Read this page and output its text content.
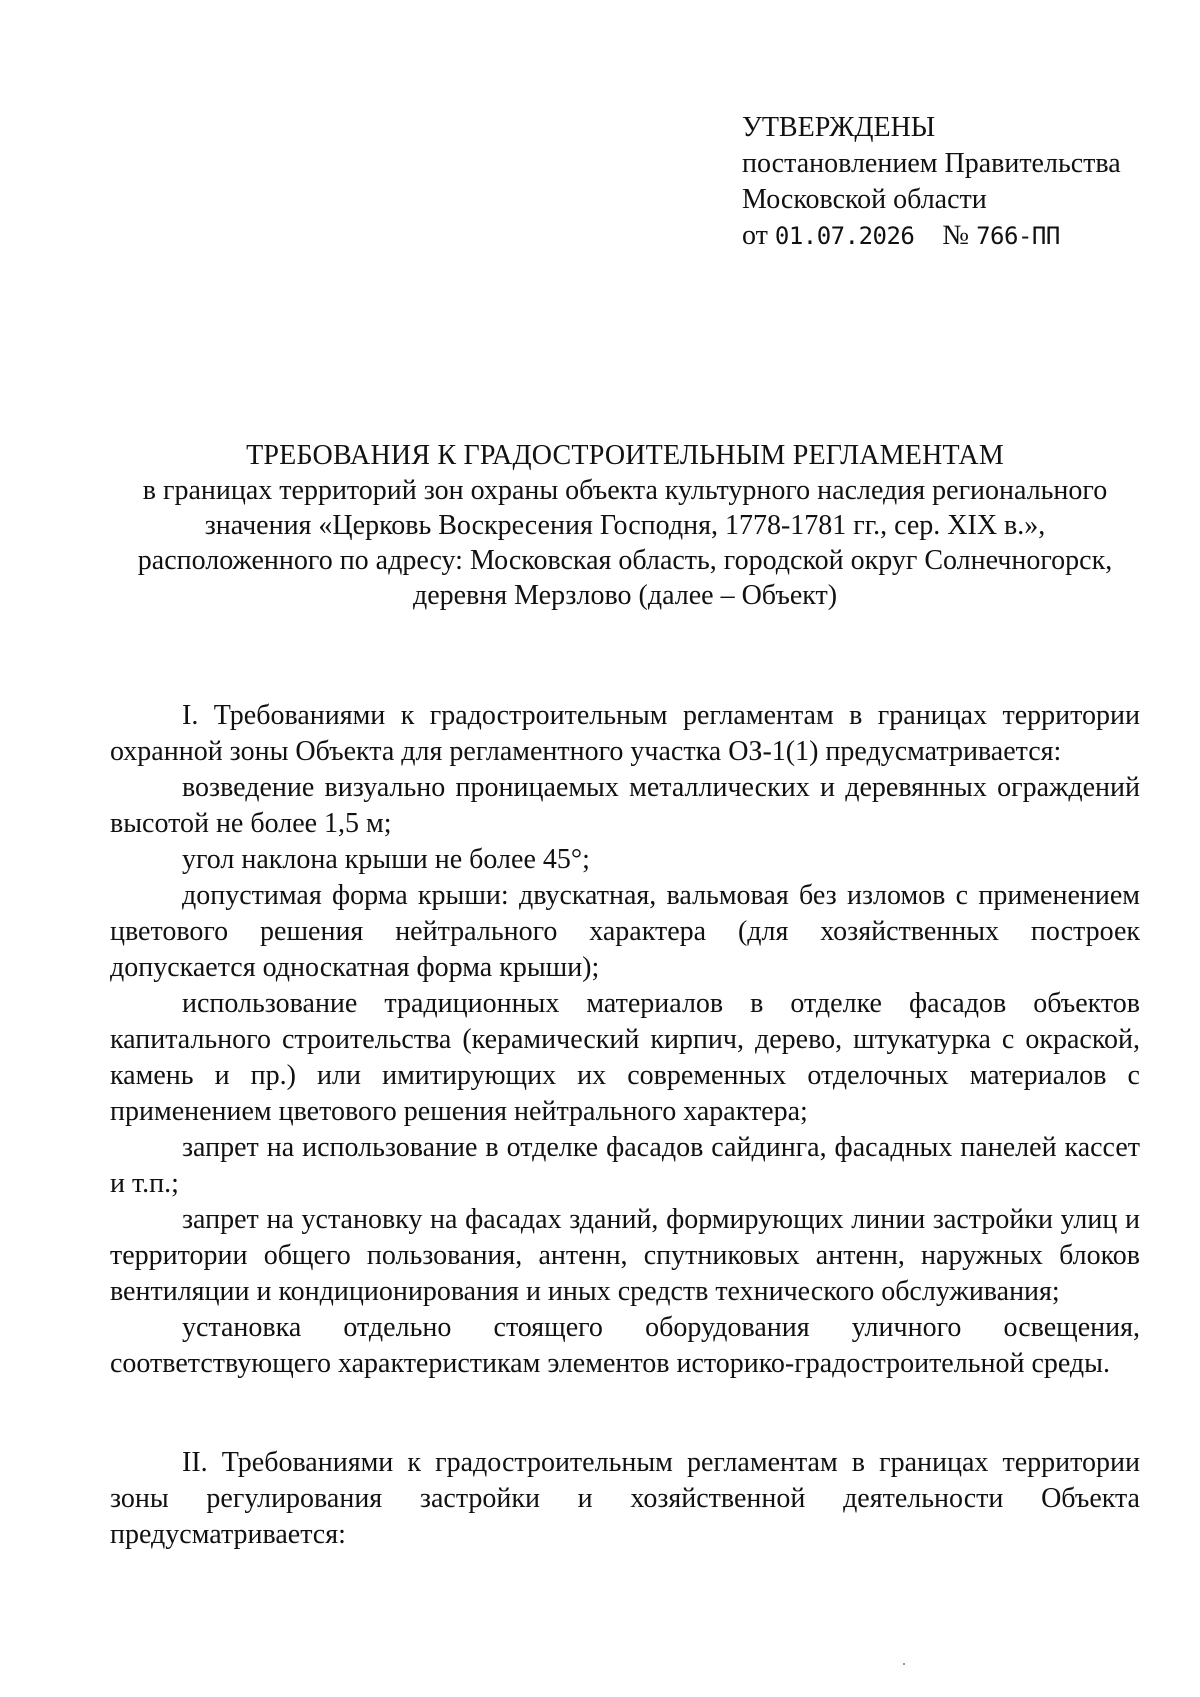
УТВЕРЖДЕНЫ
постановлением Правительства
Московской области
от 01.07.2026 № 766-ПП
ТРЕБОВАНИЯ К ГРАДОСТРОИТЕЛЬНЫМ РЕГЛАМЕНТАМ
в границах территорий зон охраны объекта культурного наследия регионального
значения «Церковь Воскресения Господня, 1778-1781 гг., сер. XIX в.»,
расположенного по адресу: Московская область, городской округ Солнечногорск,
деревня Мерзлово (далее – Объект)

I. Требованиями к градостроительным регламентам в границах территории охранной зоны Объекта для регламентного участка ОЗ-1(1) предусматривается:

возведение визуально проницаемых металлических и деревянных ограждений высотой не более 1,5 м;

угол наклона крыши не более 45°;

допустимая форма крыши: двускатная, вальмовая без изломов с применением цветового решения нейтрального характера (для хозяйственных построек допускается односкатная форма крыши);

использование традиционных материалов в отделке фасадов объектов капитального строительства (керамический кирпич, дерево, штукатурка с окраской, камень и пр.) или имитирующих их современных отделочных материалов с применением цветового решения нейтрального характера;

запрет на использование в отделке фасадов сайдинга, фасадных панелей кассет и т.п.;

запрет на установку на фасадах зданий, формирующих линии застройки улиц и территории общего пользования, антенн, спутниковых антенн, наружных блоков вентиляции и кондиционирования и иных средств технического обслуживания;

установка отдельно стоящего оборудования уличного освещения, соответствующего характеристикам элементов историко-градостроительной среды.

II. Требованиями к градостроительным регламентам в границах территории зоны регулирования застройки и хозяйственной деятельности Объекта предусматривается:
